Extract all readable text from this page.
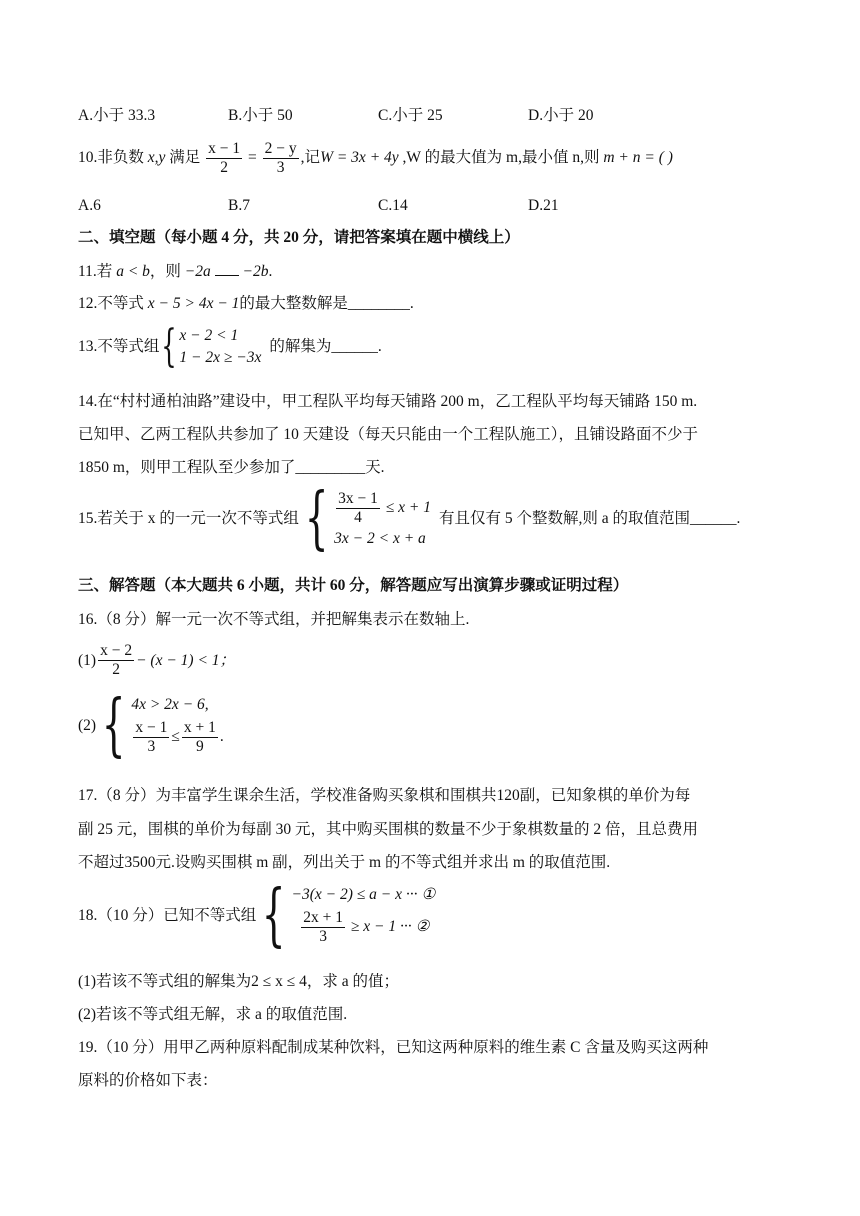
A.小于 33.3	B.小于 50	C.小于 25	D.小于 20
10.非负数 x,y 满足 $\frac{x - 1}{2} = \frac{2 - y}{3}$ ,记W = 3x + 4y ,W 的最大值为 m,最小值 n,则 m + n = ( )
A.6	B.7	C.14	D.21
二、填空题（每小题 4 分，共 20 分，请把答案填在题中横线上）
11.若 a < b，则 −2a −2b.
12.不等式 x − 5 > 4x − 1的最大整数解是________.
13.不等式组 { x − 2 < 1
1 − 2x ≥ −3x
的解集为______.
14.在“村村通柏油路”建设中，甲工程队平均每天铺路 200 m，乙工程队平均每天铺路 150 m.
已知甲、乙两工程队共参加了 10 天建设（每天只能由一个工程队施工），且铺设路面不少于
1850 m，则甲工程队至少参加了_________天.
15.若关于 x 的一元一次不等式组 { $\frac{3x - 1}{4}$
≤ x + 1
3x − 2 < x + a
有且仅有 5 个整数解,则 a 的取值范围______.
三、解答题（本大题共 6 小题，共计 60 分，解答题应写出演算步骤或证明过程）
16.（8 分）解一元一次不等式组，并把解集表示在数轴上.
$(1) \frac{x - 2}{2} - (x - 1) < 1$；
(2) { 4x > 2x − 6,
$\frac{x - 1}{3} \le \frac{x + 1}{9}$ .
17.（8 分）为丰富学生课余生活，学校准备购买象棋和围棋共120副，已知象棋的单价为每
副 25 元，围棋的单价为每副 30 元，其中购买围棋的数量不少于象棋数量的 2 倍，且总费用
不超过3500元.设购买围棋 m 副，列出关于 m 的不等式组并求出 m 的取值范围.
18.（10 分）已知不等式组 { −3(x − 2) ≤ a − x ··· ①

$\frac{2x + 1}{3}$
≥ x − 1 ··· ②
(1)若该不等式组的解集为2 ≤ x ≤ 4，求 a 的值；
(2)若该不等式组无解，求 a 的取值范围.
19.（10 分）用甲乙两种原料配制成某种饮料，已知这两种原料的维生素 C 含量及购买这两种
原料的价格如下表：
